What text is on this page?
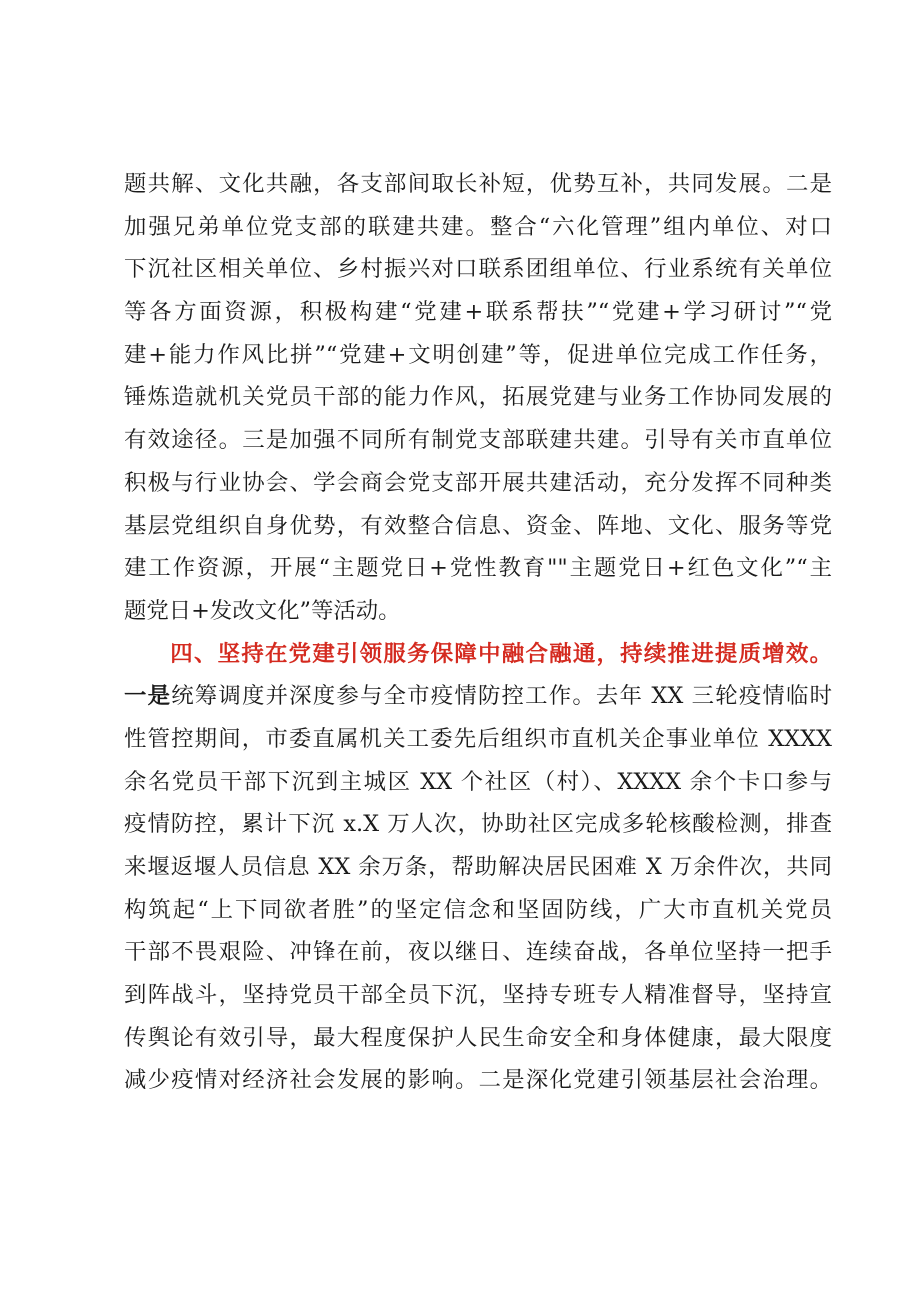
题共解、文化共融，各支部间取长补短，优势互补，共同发展。二是
加强兄弟单位党支部的联建共建。整合“六化管理”组内单位、对口
下沉社区相关单位、乡村振兴对口联系团组单位、行业系统有关单位
等各方面资源，积极构建“党建+联系帮扶”“党建+学习研讨”“党
建+能力作风比拼”“党建+文明创建”等，促进单位完成工作任务，
锤炼造就机关党员干部的能力作风，拓展党建与业务工作协同发展的
有效途径。三是加强不同所有制党支部联建共建。引导有关市直单位
积极与行业协会、学会商会党支部开展共建活动，充分发挥不同种类
基层党组织自身优势，有效整合信息、资金、阵地、文化、服务等党
建工作资源，开展“主题党日+党性教育""主题党日+红色文化”“主
题党日+发改文化”等活动。
四、坚持在党建引领服务保障中融合融通，持续推进提质增效。
一是统筹调度并深度参与全市疫情防控工作。去年 XX 三轮疫情临时
性管控期间，市委直属机关工委先后组织市直机关企事业单位 XXXX
余名党员干部下沉到主城区 XX 个社区（村）、XXXX 余个卡口参与
疫情防控，累计下沉 x.X 万人次，协助社区完成多轮核酸检测，排查
来堰返堰人员信息 XX 余万条，帮助解决居民困难 X 万余件次，共同
构筑起“上下同欲者胜”的坚定信念和坚固防线，广大市直机关党员
干部不畏艰险、冲锋在前，夜以继日、连续奋战，各单位坚持一把手
到阵战斗，坚持党员干部全员下沉，坚持专班专人精准督导，坚持宣
传舆论有效引导，最大程度保护人民生命安全和身体健康，最大限度
减少疫情对经济社会发展的影响。二是深化党建引领基层社会治理。
